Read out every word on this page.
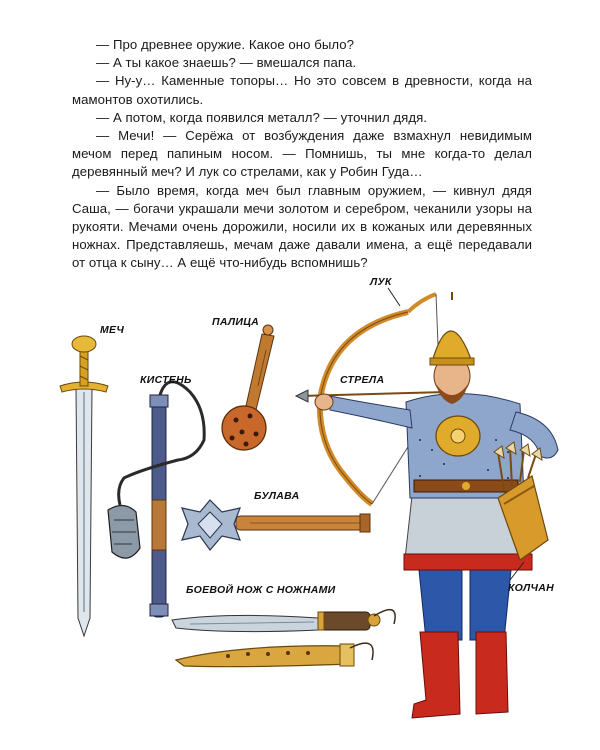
— Про древнее оружие. Какое оно было?

— А ты какое знаешь? — вмешался папа.

— Ну-у… Каменные топоры… Но это совсем в древности, когда на мамонтов охотились.

— А потом, когда появился металл? — уточнил дядя.

— Мечи! — Серёжа от возбуждения даже взмахнул невидимым мечом перед папиным носом. — Помнишь, ты мне когда-то делал деревянный меч? И лук со стрелами, как у Робин Гуда…

— Было время, когда меч был главным оружием, — кивнул дядя Саша, — богачи украшали мечи золотом и серебром, чеканили узоры на рукояти. Мечами очень дорожили, носили их в кожаных или деревянных ножнах. Представляешь, мечам даже давали имена, а ещё передавали от отца к сыну… А ещё что-нибудь вспомнишь?

МЕЧ
ПАЛИЦА
ЛУК
КИСТЕНЬ	СТРЕЛА
БУЛАВА
КОЛЧАН
БОЕВОЙ НОЖ С НОЖНАМИ
